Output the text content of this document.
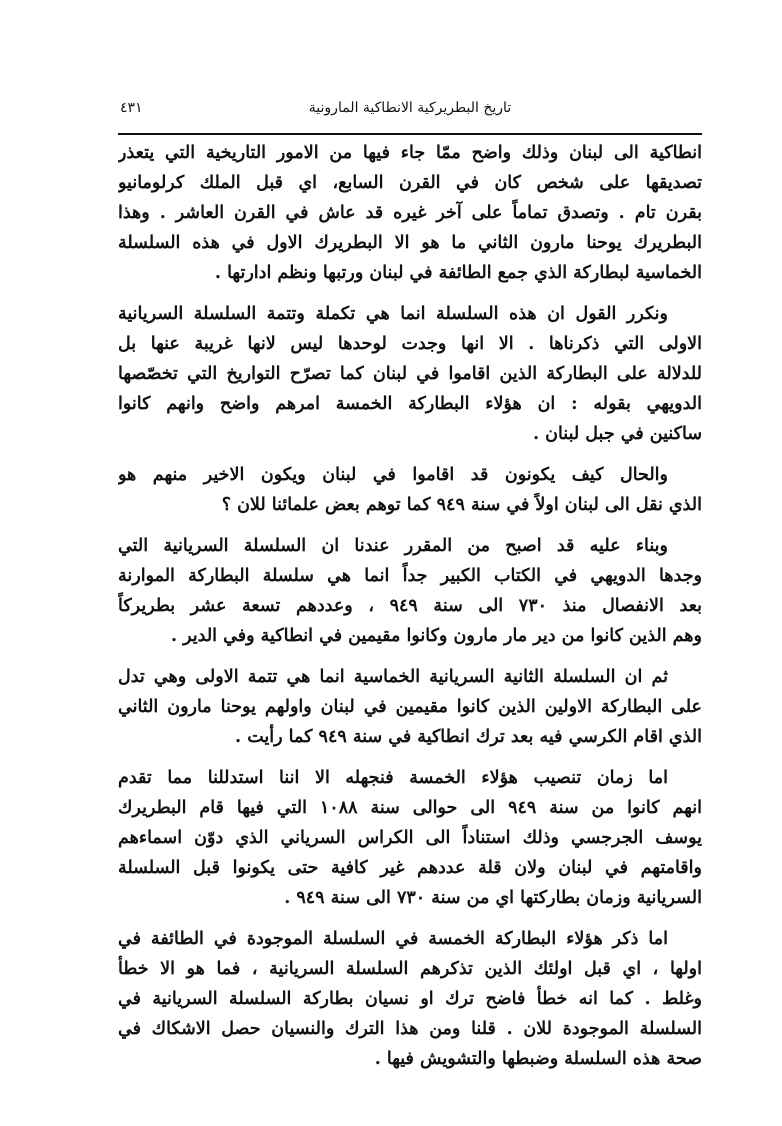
تاريخ البطريركية الانطاكية المارونية
٤٣١
انطاكية الى لبنان وذلك واضح ممّا جاء فيها من الامور التاريخية التي يتعذر
تصديقها على شخص كان في القرن السابع، اي قبل الملك كرلومانيو
بقرن تام . وتصدق تماماً على آخر غيره قد عاش في القرن العاشر . وهذا
البطريرك يوحنا مارون الثاني ما هو الا البطريرك الاول في هذه السلسلة
الخماسية لبطاركة الذي جمع الطائفة في لبنان ورتبها ونظم ادارتها .
ونكرر القول ان هذه السلسلة انما هي تكملة وتتمة السلسلة السريانية
الاولى التي ذكرناها . الا انها وجدت لوحدها ليس لانها غريبة عنها بل
للدلالة على البطاركة الذين اقاموا في لبنان كما تصرّح التواريخ التي تخصّصها
الدويهي بقوله : ان هؤلاء البطاركة الخمسة امرهم واضح وانهم كانوا
ساكنين في جبل لبنان .
والحال كيف يكونون قد اقاموا في لبنان ويكون الاخير منهم هو
الذي نقل الى لبنان اولاً في سنة ٩٤٩ كما توهم بعض علمائنا للان ؟
وبناء عليه قد اصبح من المقرر عندنا ان السلسلة السريانية التي
وجدها الدويهي في الكتاب الكبير جداً انما هي سلسلة البطاركة الموارنة
بعد الانفصال منذ ٧٣٠ الى سنة ٩٤٩ ، وعددهم تسعة عشر بطريركاً
وهم الذين كانوا من دير مار مارون وكانوا مقيمين في انطاكية وفي الدير .
ثم ان السلسلة الثانية السريانية الخماسية انما هي تتمة الاولى وهي تدل
على البطاركة الاولين الذين كانوا مقيمين في لبنان واولهم يوحنا مارون الثاني
الذي اقام الكرسي فيه بعد ترك انطاكية في سنة ٩٤٩ كما رأيت .
اما زمان تنصيب هؤلاء الخمسة فنجهله الا اننا استدللنا مما تقدم
انهم كانوا من سنة ٩٤٩ الى حوالى سنة ١٠٨٨ التي فيها قام البطريرك
يوسف الجرجسي وذلك استناداً الى الكراس السرياني الذي دوّن اسماءهم
واقامتهم في لبنان ولان قلة عددهم غير كافية حتى يكونوا قبل السلسلة
السريانية وزمان بطاركتها اي من سنة ٧٣٠ الى سنة ٩٤٩ .
اما ذكر هؤلاء البطاركة الخمسة في السلسلة الموجودة في الطائفة في
اولها ، اي قبل اولئك الذين تذكرهم السلسلة السريانية ، فما هو الا خطأ
وغلط . كما انه خطأ فاضح ترك او نسيان بطاركة السلسلة السريانية في
السلسلة الموجودة للان . قلنا ومن هذا الترك والنسيان حصل الاشكاك في
صحة هذه السلسلة وضبطها والتشويش فيها .
